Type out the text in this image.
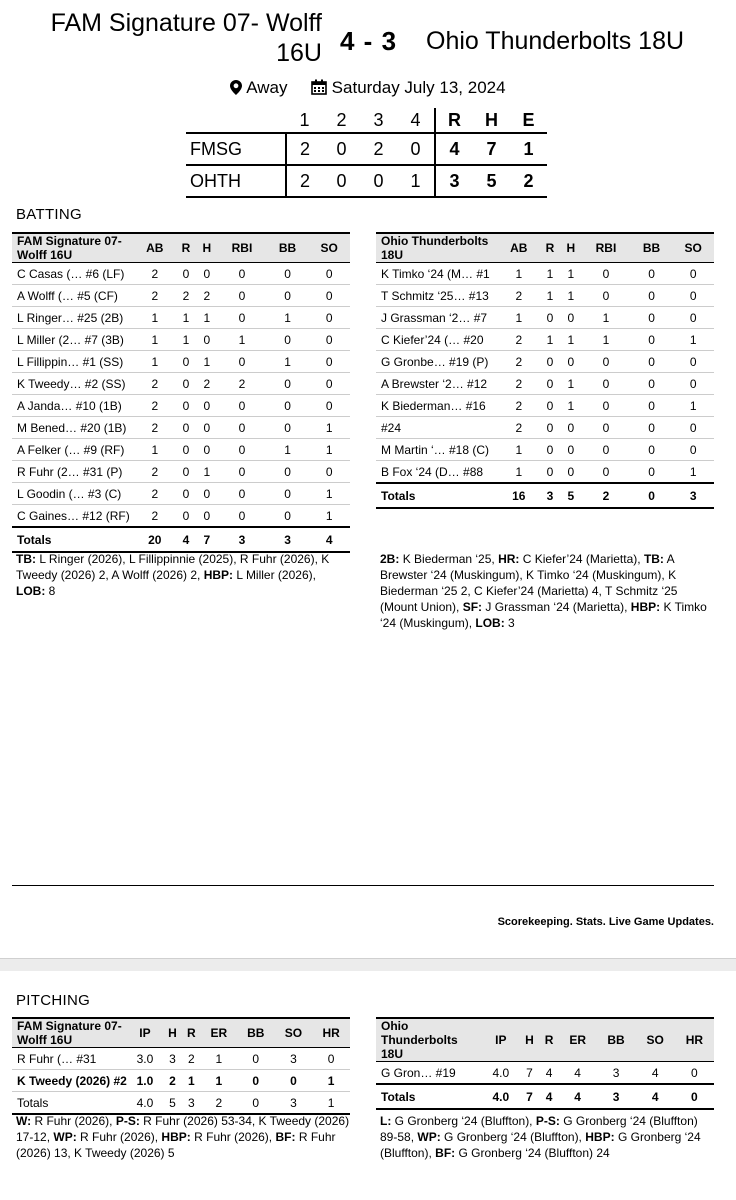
FAM Signature 07- Wolff 16U 4 - 3 Ohio Thunderbolts 18U
Away	Saturday July 13, 2024
	1	2	3	4	R	H	E
FMSG	2	0	2	0	4	7	1
OHTH	2	0	0	1	3	5	2
BATTING
FAM Signature 07- Wolff 16U	AB	R	H	RBI	BB	SO
C Casas (… #6 (LF)	2	0	0	0	0	0
A Wolff (… #5 (CF)	2	2	2	0	0	0
L Ringer… #25 (2B)	1	1	1	0	1	0
L Miller (2… #7 (3B)	1	1	0	1	0	0
L Fillippin… #1 (SS)	1	0	1	0	1	0
K Tweedy… #2 (SS)	2	0	2	2	0	0
A Janda… #10 (1B)	2	0	0	0	0	0
M Bened… #20 (1B)	2	0	0	0	0	1
A Felker (… #9 (RF)	1	0	0	0	1	1
R Fuhr (2… #31 (P)	2	0	1	0	0	0
L Goodin (… #3 (C)	2	0	0	0	0	1
C Gaines… #12 (RF)	2	0	0	0	0	1
Totals	20	4	7	3	3	4
Ohio Thunderbolts 18U	AB	R	H	RBI	BB	SO
K Timko ‘24 (M… #1	1	1	1	0	0	0
T Schmitz ‘25… #13	2	1	1	0	0	0
J Grassman ‘2… #7	1	0	0	1	0	0
C Kiefer’24 (… #20	2	1	1	1	0	1
G Gronbe… #19 (P)	2	0	0	0	0	0
A Brewster ‘2… #12	2	0	1	0	0	0
K Biederman… #16	2	0	1	0	0	1
#24	2	0	0	0	0	0
M Martin ‘… #18 (C)	1	0	0	0	0	0
B Fox ‘24 (D… #88	1	0	0	0	0	1
Totals	16	3	5	2	0	3
TB: L Ringer (2026), L Fillippinnie (2025), R Fuhr (2026), K Tweedy (2026) 2, A Wolff (2026) 2, HBP: L Miller (2026), LOB: 8
2B: K Biederman ‘25, HR: C Kiefer’24 (Marietta), TB: A Brewster ‘24 (Muskingum), K Timko ‘24 (Muskingum), K Biederman ‘25 2, C Kiefer’24 (Marietta) 4, T Schmitz ‘25 (Mount Union), SF: J Grassman ‘24 (Marietta), HBP: K Timko ‘24 (Muskingum), LOB: 3
Scorekeeping. Stats. Live Game Updates.
PITCHING
FAM Signature 07- Wolff 16U	IP	H	R	ER	BB	SO	HR
R Fuhr (… #31	3.0	3	2	1	0	3	0
K Tweedy (2026) #2	1.0	2	1	1	0	0	1
Totals	4.0	5	3	2	0	3	1
Ohio Thunderbolts 18U	IP	H	R	ER	BB	SO	HR
G Gron… #19	4.0	7	4	4	3	4	0
Totals	4.0	7	4	4	3	4	0
W: R Fuhr (2026), P-S: R Fuhr (2026) 53-34, K Tweedy (2026) 17-12, WP: R Fuhr (2026), HBP: R Fuhr (2026), BF: R Fuhr (2026) 13, K Tweedy (2026) 5
L: G Gronberg ‘24 (Bluffton), P-S: G Gronberg ‘24 (Bluffton) 89-58, WP: G Gronberg ‘24 (Bluffton), HBP: G Gronberg ‘24 (Bluffton), BF: G Gronberg ‘24 (Bluffton) 24
